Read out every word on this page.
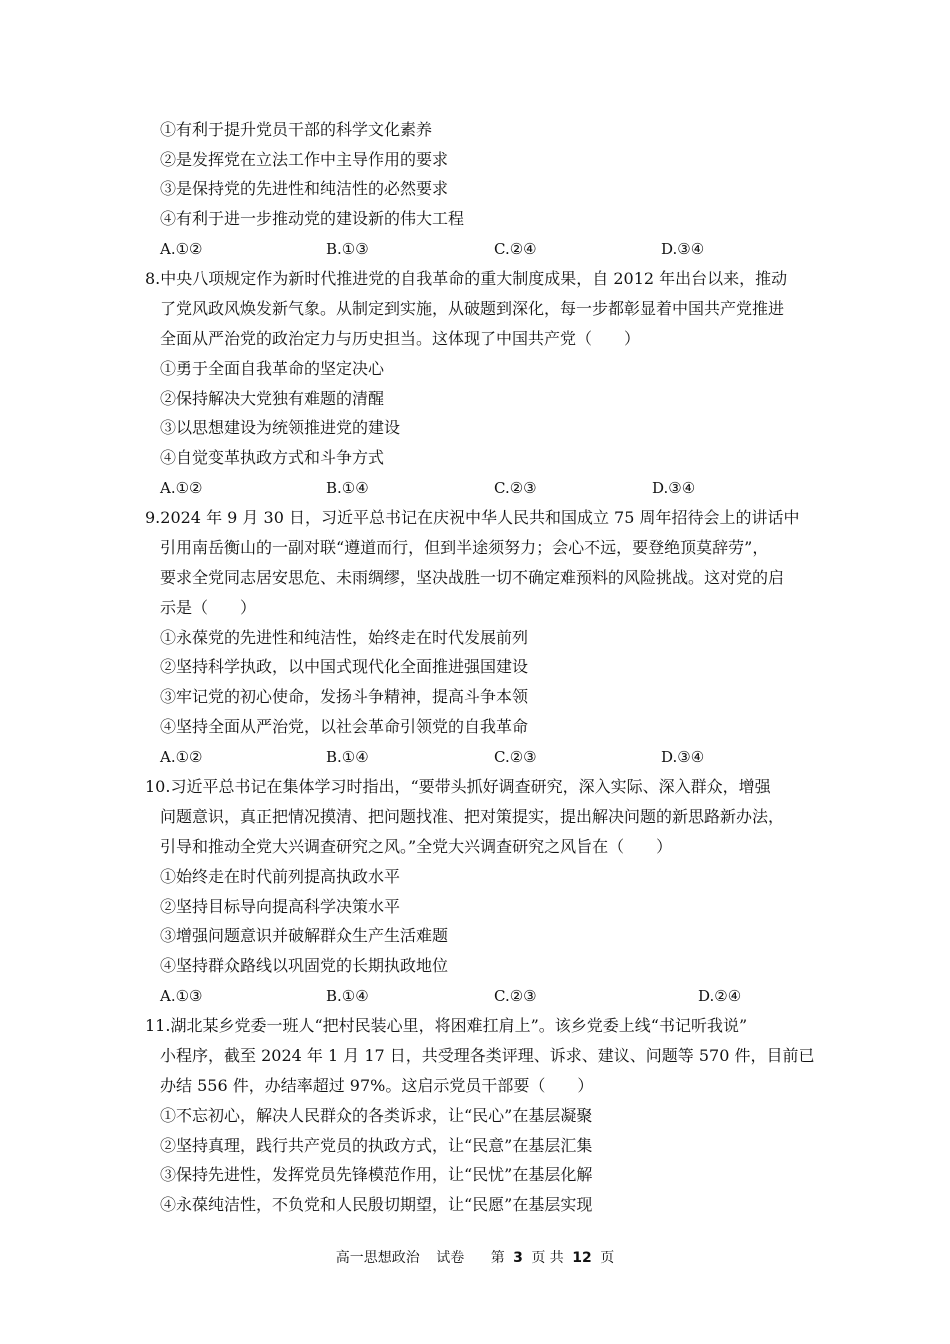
①有利于提升党员干部的科学文化素养
②是发挥党在立法工作中主导作用的要求
③是保持党的先进性和纯洁性的必然要求
④有利于进一步推动党的建设新的伟大工程
A.①②	B.①③	C.②④	D.③④
8.中央八项规定作为新时代推进党的自我革命的重大制度成果，自 2012 年出台以来，推动
了党风政风焕发新气象。从制定到实施，从破题到深化，每一步都彰显着中国共产党推进
全面从严治党的政治定力与历史担当。这体现了中国共产党（　　）
①勇于全面自我革命的坚定决心
②保持解决大党独有难题的清醒
③以思想建设为统领推进党的建设
④自觉变革执政方式和斗争方式
A.①②	B.①④	C.②③	D.③④
9.2024 年 9 月 30 日，习近平总书记在庆祝中华人民共和国成立 75 周年招待会上的讲话中
引用南岳衡山的一副对联“遵道而行，但到半途须努力；会心不远，要登绝顶莫辞劳”，
要求全党同志居安思危、未雨绸缪，坚决战胜一切不确定难预料的风险挑战。这对党的启
示是（　　）
①永葆党的先进性和纯洁性，始终走在时代发展前列
②坚持科学执政，以中国式现代化全面推进强国建设
③牢记党的初心使命，发扬斗争精神，提高斗争本领
④坚持全面从严治党，以社会革命引领党的自我革命
A.①②	B.①④	C.②③	D.③④
10.习近平总书记在集体学习时指出，“要带头抓好调查研究，深入实际、深入群众，增强
问题意识，真正把情况摸清、把问题找准、把对策提实，提出解决问题的新思路新办法，
引导和推动全党大兴调查研究之风。”全党大兴调查研究之风旨在（　　）
①始终走在时代前列提高执政水平
②坚持目标导向提高科学决策水平
③增强问题意识并破解群众生产生活难题
④坚持群众路线以巩固党的长期执政地位
A.①③	B.①④	C.②③	D.②④
11.湖北某乡党委一班人“把村民装心里，将困难扛肩上”。该乡党委上线“书记听我说”
小程序，截至 2024 年 1 月 17 日，共受理各类评理、诉求、建议、问题等 570 件，目前已
办结 556 件，办结率超过 97%。这启示党员干部要（　　）
①不忘初心，解决人民群众的各类诉求，让“民心”在基层凝聚
②坚持真理，践行共产党员的执政方式，让“民意”在基层汇集
③保持先进性，发挥党员先锋模范作用，让“民忧”在基层化解
④永葆纯洁性，不负党和人民殷切期望，让“民愿”在基层实现
高一思想政治 试卷 第 3 页 共 12 页
